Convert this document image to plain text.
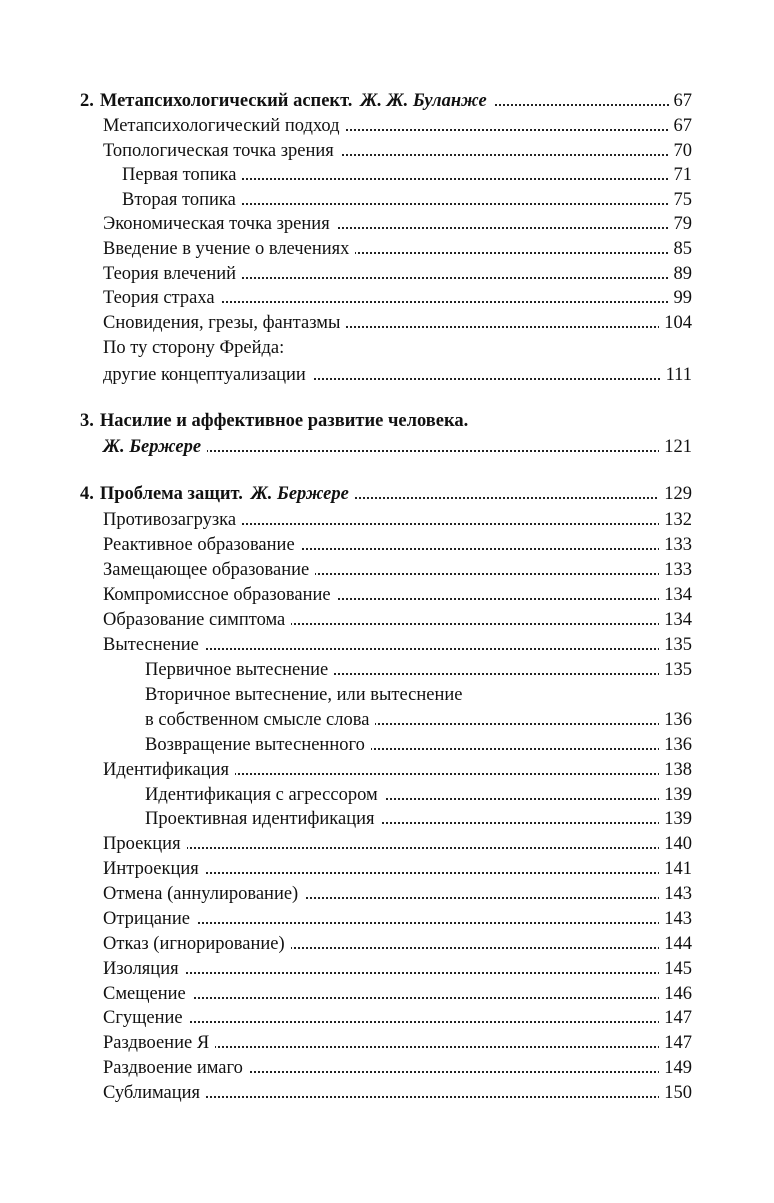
2. Метапсихологический аспект. Ж. Ж. Буланже	67
Метапсихологический подход	67
Топологическая точка зрения	70
Первая топика	71
Вторая топика	75
Экономическая точка зрения	79
Введение в учение о влечениях	85
Теория влечений	89
Теория страха	99
Сновидения, грезы, фантазмы	104
По ту сторону Фрейда:
другие концептуализации	111
3. Насилие и аффективное развитие человека.
Ж. Бержере	121
4. Проблема защит. Ж. Бержере	129
Противозагрузка	132
Реактивное образование	133
Замещающее образование	133
Компромиссное образование	134
Образование симптома	134
Вытеснение	135
Первичное вытеснение	135
Вторичное вытеснение, или вытеснение
в собственном смысле слова	136
Возвращение вытесненного	136
Идентификация	138
Идентификация с агрессором	139
Проективная идентификация	139
Проекция	140
Интроекция	141
Отмена (аннулирование)	143
Отрицание	143
Отказ (игнорирование)	144
Изоляция	145
Смещение	146
Сгущение	147
Раздвоение Я	147
Раздвоение имаго	149
Сублимация	150
